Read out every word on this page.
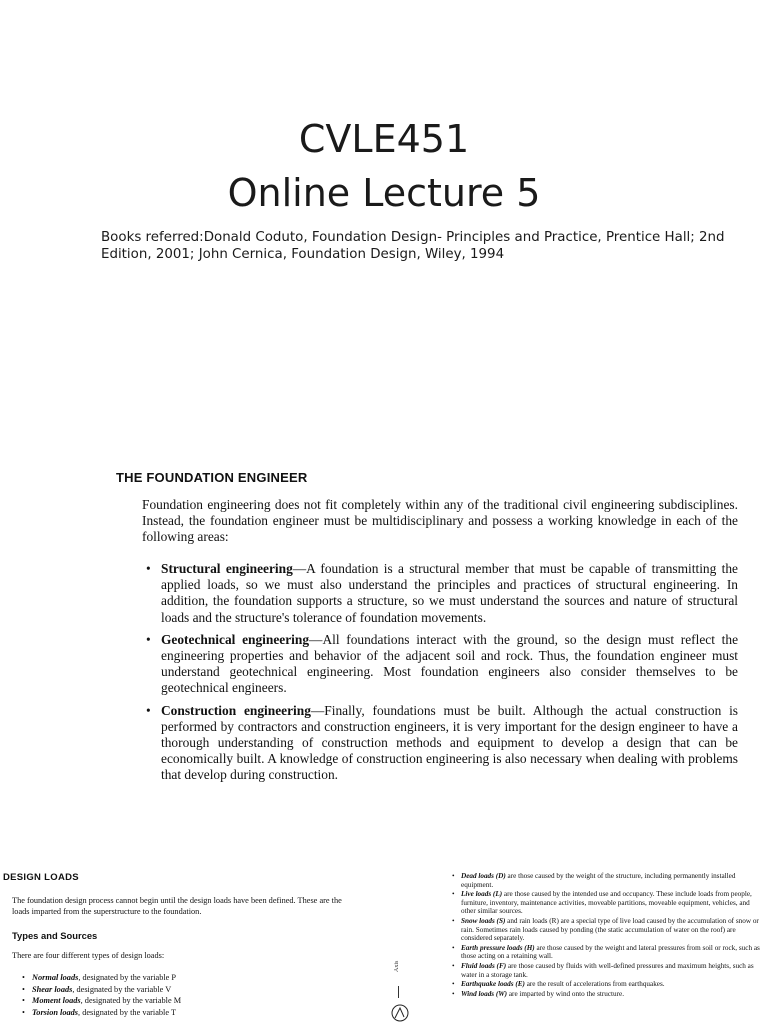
CVLE451
Online Lecture 5
Books referred:Donald Coduto, Foundation Design- Principles and Practice, Prentice Hall; 2nd Edition, 2001; John Cernica, Foundation Design, Wiley, 1994
THE FOUNDATION ENGINEER
Foundation engineering does not fit completely within any of the traditional civil engineering subdisciplines. Instead, the foundation engineer must be multidisciplinary and possess a working knowledge in each of the following areas:
• Structural engineering—A foundation is a structural member that must be capable of transmitting the applied loads, so we must also understand the principles and practices of structural engineering. In addition, the foundation supports a structure, so we must understand the sources and nature of structural loads and the structure's tolerance of foundation movements.
• Geotechnical engineering—All foundations interact with the ground, so the design must reflect the engineering properties and behavior of the adjacent soil and rock. Thus, the foundation engineer must understand geotechnical engineering. Most foundation engineers also consider themselves to be geotechnical engineers.
• Construction engineering—Finally, foundations must be built. Although the actual construction is performed by contractors and construction engineers, it is very important for the design engineer to have a thorough understanding of construction methods and equipment to develop a design that can be economically built. A knowledge of construction engineering is also necessary when dealing with problems that develop during construction.
DESIGN LOADS
The foundation design process cannot begin until the design loads have been defined. These are the loads imparted from the superstructure to the foundation.
Types and Sources
There are four different types of design loads:
• Normal loads, designated by the variable P
• Shear loads, designated by the variable V
• Moment loads, designated by the variable M
• Torsion loads, designated by the variable T
Axis
• Dead loads (D) are those caused by the weight of the structure, including permanently installed equipment.
• Live loads (L) are those caused by the intended use and occupancy. These include loads from people, furniture, inventory, maintenance activities, moveable partitions, moveable equipment, vehicles, and other similar sources.
• Snow loads (S) and rain loads (R) are a special type of live load caused by the accumulation of snow or rain. Sometimes rain loads caused by ponding (the static accumulation of water on the roof) are considered separately.
• Earth pressure loads (H) are those caused by the weight and lateral pressures from soil or rock, such as those acting on a retaining wall.
• Fluid loads (F) are those caused by fluids with well-defined pressures and maximum heights, such as water in a storage tank.
• Earthquake loads (E) are the result of accelerations from earthquakes.
• Wind loads (W) are imparted by wind onto the structure.
